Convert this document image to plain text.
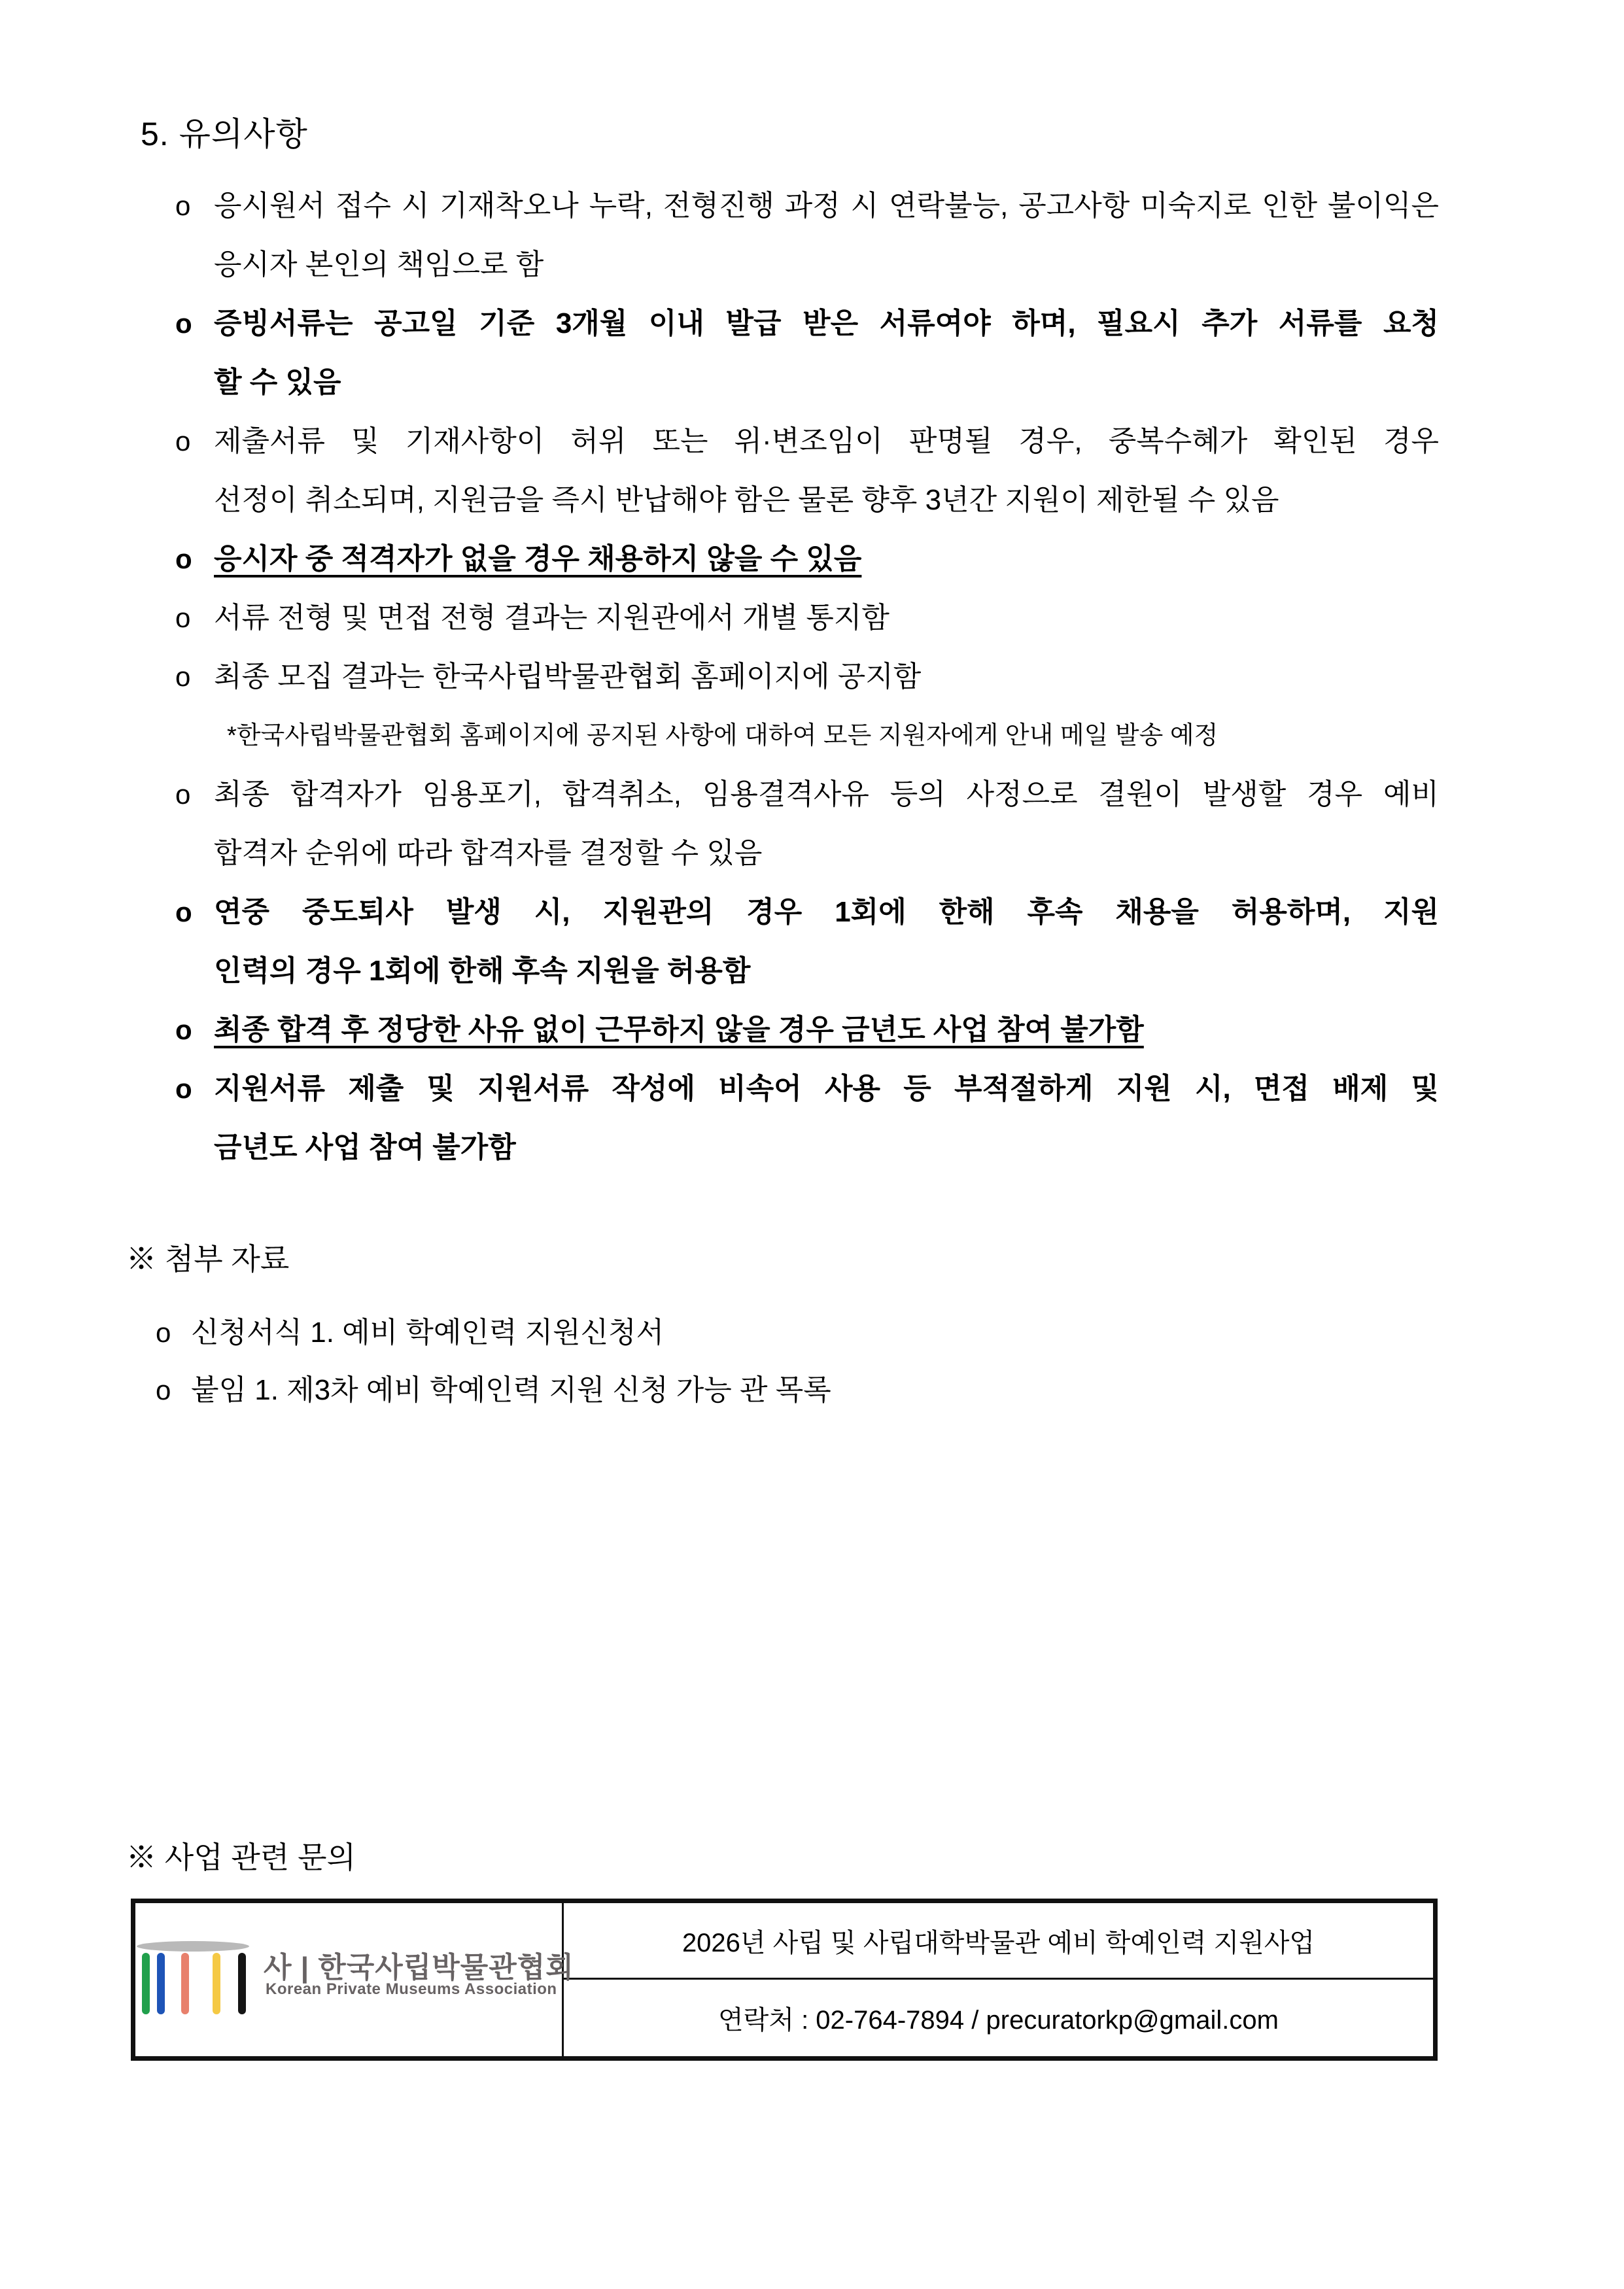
5. 유의사항
o 응시원서 접수 시 기재착오나 누락, 전형진행 과정 시 연락불능, 공고사항 미숙지로 인한 불이익은
응시자 본인의 책임으로 함
o 증빙서류는 공고일 기준 3개월 이내 발급 받은 서류여야 하며, 필요시 추가 서류를 요청
할 수 있음
o 제출서류 및 기재사항이 허위 또는 위·변조임이 판명될 경우, 중복수혜가 확인된 경우
선정이 취소되며, 지원금을 즉시 반납해야 함은 물론 향후 3년간 지원이 제한될 수 있음
o 응시자 중 적격자가 없을 경우 채용하지 않을 수 있음
o 서류 전형 및 면접 전형 결과는 지원관에서 개별 통지함
o 최종 모집 결과는 한국사립박물관협회 홈페이지에 공지함
*한국사립박물관협회 홈페이지에 공지된 사항에 대하여 모든 지원자에게 안내 메일 발송 예정
o 최종 합격자가 임용포기, 합격취소, 임용결격사유 등의 사정으로 결원이 발생할 경우 예비
합격자 순위에 따라 합격자를 결정할 수 있음
o 연중 중도퇴사 발생 시, 지원관의 경우 1회에 한해 후속 채용을 허용하며, 지원
인력의 경우 1회에 한해 후속 지원을 허용함
o 최종 합격 후 정당한 사유 없이 근무하지 않을 경우 금년도 사업 참여 불가함
o 지원서류 제출 및 지원서류 작성에 비속어 사용 등 부적절하게 지원 시, 면접 배제 및
금년도 사업 참여 불가함
※ 첨부 자료
o 신청서식 1. 예비 학예인력 지원신청서
o 붙임 1. 제3차 예비 학예인력 지원 신청 가능 관 목록
※ 사업 관련 문의
사 | 한국사립박물관협회
Korean Private Museums Association
2026년 사립 및 사립대학박물관 예비 학예인력 지원사업
연락처 : 02-764-7894 / precuratorkp@gmail.com
